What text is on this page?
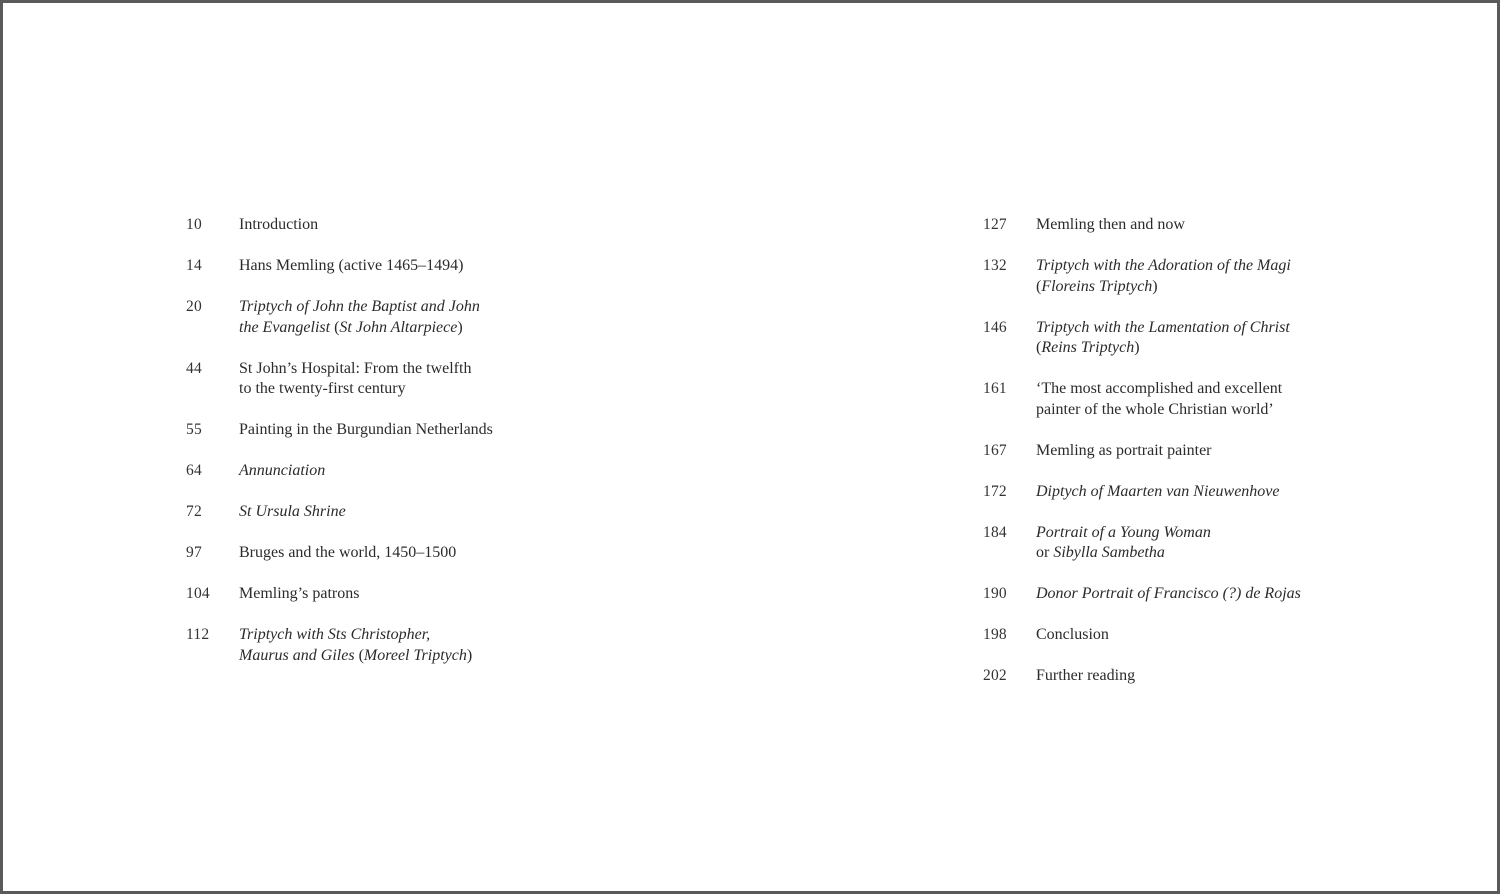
10	Introduction
14	Hans Memling (active 1465–1494)
20	Triptych of John the Baptist and John
the Evangelist (St John Altarpiece)
44	St John’s Hospital: From the twelfth
to the twenty-first century
55	Painting in the Burgundian Netherlands
64	Annunciation
72	St Ursula Shrine
97	Bruges and the world, 1450–1500
104	Memling’s patrons
112	Triptych with Sts Christopher,
Maurus and Giles (Moreel Triptych)
127	Memling then and now
132	Triptych with the Adoration of the Magi
(Floreins Triptych)
146	Triptych with the Lamentation of Christ
(Reins Triptych)
161	‘The most accomplished and excellent
painter of the whole Christian world’
167	Memling as portrait painter
172	Diptych of Maarten van Nieuwenhove
184	Portrait of a Young Woman
or Sibylla Sambetha
190	Donor Portrait of Francisco (?) de Rojas
198	Conclusion
202	Further reading
